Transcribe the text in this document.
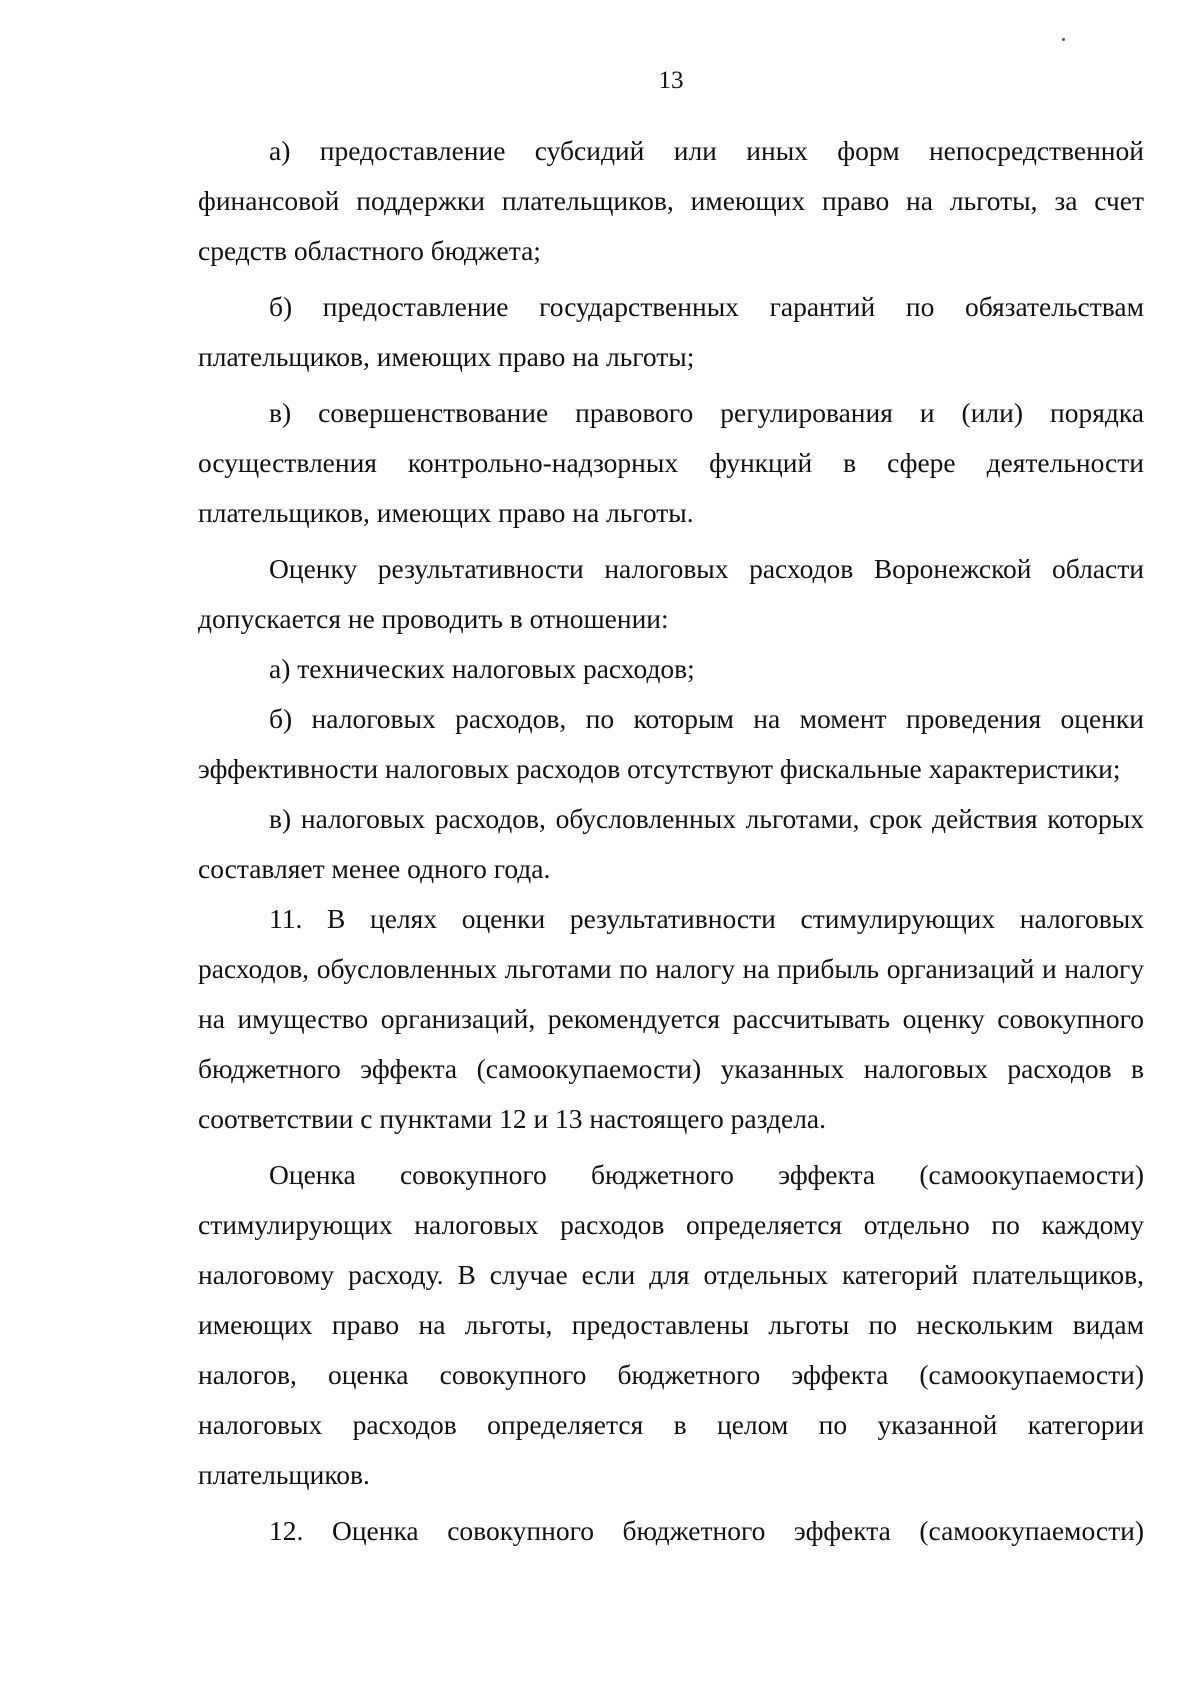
13

а) предоставление субсидий или иных форм непосредственной финансовой поддержки плательщиков, имеющих право на льготы, за счет средств областного бюджета;

б) предоставление государственных гарантий по обязательствам плательщиков, имеющих право на льготы;

в) совершенствование правового регулирования и (или) порядка осуществления контрольно-надзорных функций в сфере деятельности плательщиков, имеющих право на льготы.

Оценку результативности налоговых расходов Воронежской области допускается не проводить в отношении:

а) технических налоговых расходов;

б) налоговых расходов, по которым на момент проведения оценки эффективности налоговых расходов отсутствуют фискальные характеристики;

в) налоговых расходов, обусловленных льготами, срок действия которых составляет менее одного года.

11. В целях оценки результативности стимулирующих налоговых расходов, обусловленных льготами по налогу на прибыль организаций и налогу на имущество организаций, рекомендуется рассчитывать оценку совокупного бюджетного эффекта (самоокупаемости) указанных налоговых расходов в соответствии с пунктами 12 и 13 настоящего раздела.

Оценка совокупного бюджетного эффекта (самоокупаемости) стимулирующих налоговых расходов определяется отдельно по каждому налоговому расходу. В случае если для отдельных категорий плательщиков, имеющих право на льготы, предоставлены льготы по нескольким видам налогов, оценка совокупного бюджетного эффекта (самоокупаемости) налоговых расходов определяется в целом по указанной категории плательщиков.

12. Оценка совокупного бюджетного эффекта (самоокупаемости)
